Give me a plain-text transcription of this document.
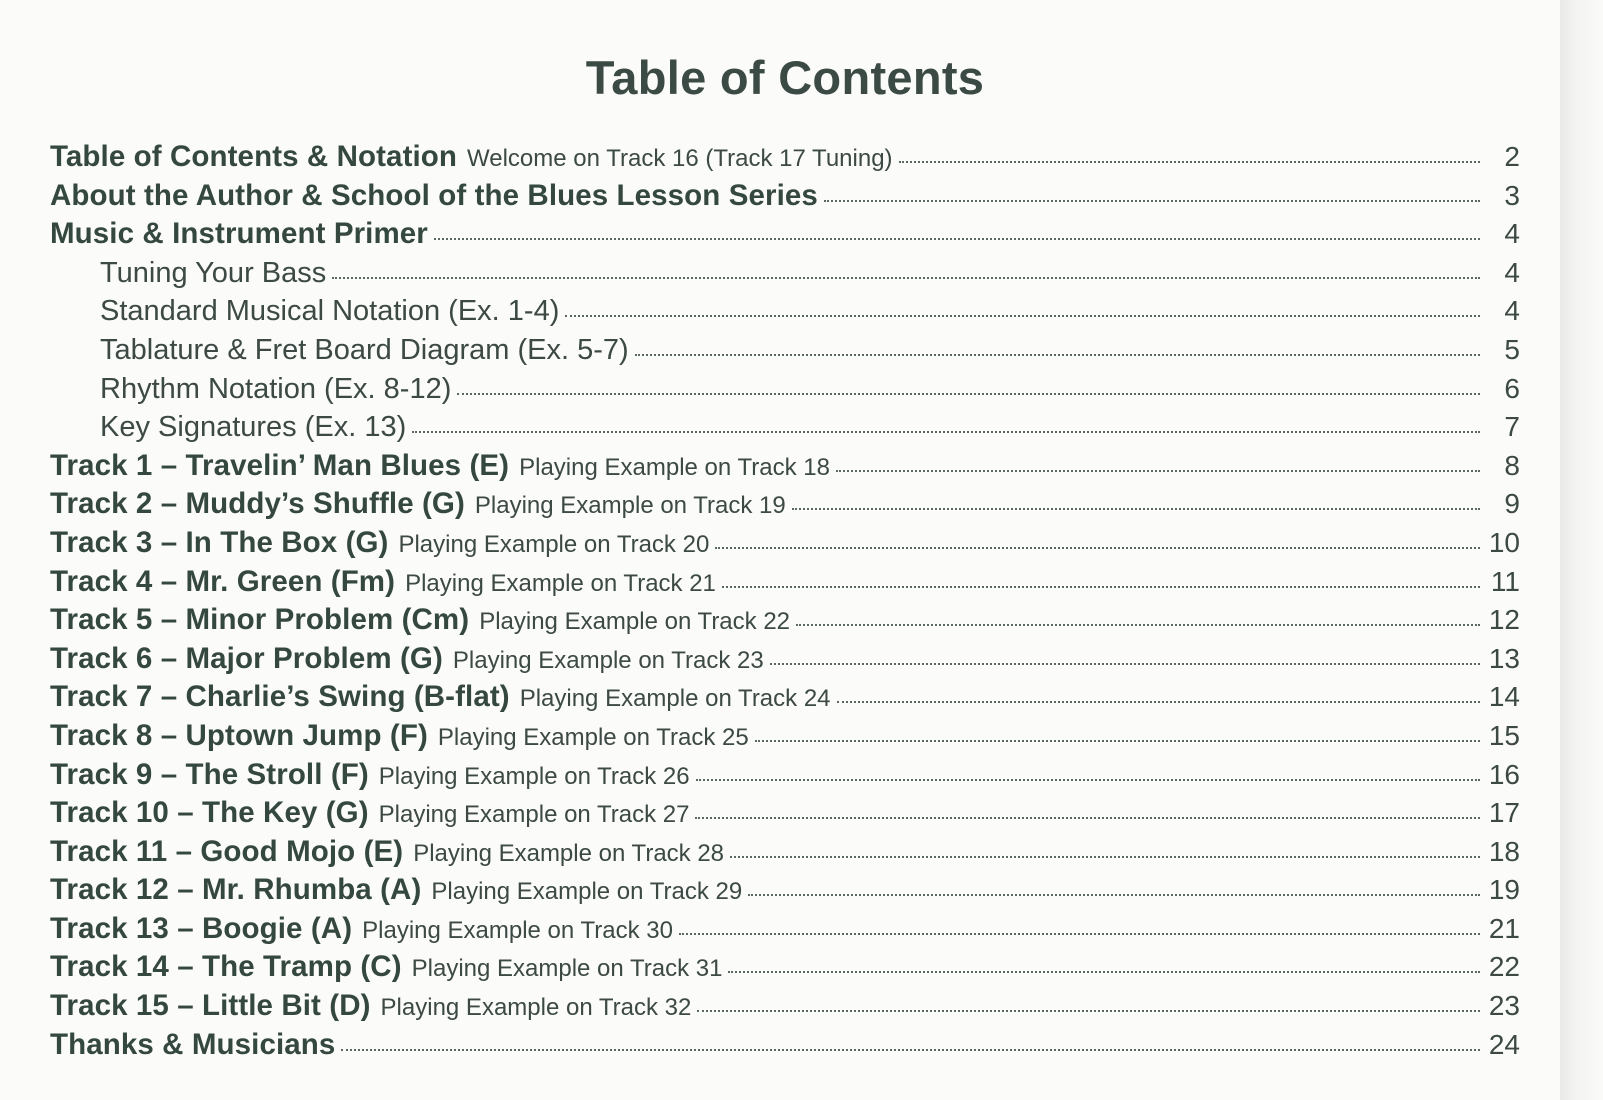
Table of Contents
Table of Contents & Notation Welcome on Track 16 (Track 17 Tuning)	2
About the Author & School of the Blues Lesson Series	3
Music & Instrument Primer	4
Tuning Your Bass	4
Standard Musical Notation (Ex. 1-4)	4
Tablature & Fret Board Diagram (Ex. 5-7)	5
Rhythm Notation (Ex. 8-12)	6
Key Signatures (Ex. 13)	7
Track 1 – Travelin’ Man Blues (E) Playing Example on Track 18	8
Track 2 – Muddy’s Shuffle (G) Playing Example on Track 19	9
Track 3 – In The Box (G) Playing Example on Track 20	10
Track 4 – Mr. Green (Fm) Playing Example on Track 21	11
Track 5 – Minor Problem (Cm) Playing Example on Track 22	12
Track 6 – Major Problem (G) Playing Example on Track 23	13
Track 7 – Charlie’s Swing (B-flat) Playing Example on Track 24	14
Track 8 – Uptown Jump (F) Playing Example on Track 25	15
Track 9 – The Stroll (F) Playing Example on Track 26	16
Track 10 – The Key (G) Playing Example on Track 27	17
Track 11 – Good Mojo (E) Playing Example on Track 28	18
Track 12 – Mr. Rhumba (A) Playing Example on Track 29	19
Track 13 – Boogie (A) Playing Example on Track 30	21
Track 14 – The Tramp (C) Playing Example on Track 31	22
Track 15 – Little Bit (D) Playing Example on Track 32	23
Thanks & Musicians	24
